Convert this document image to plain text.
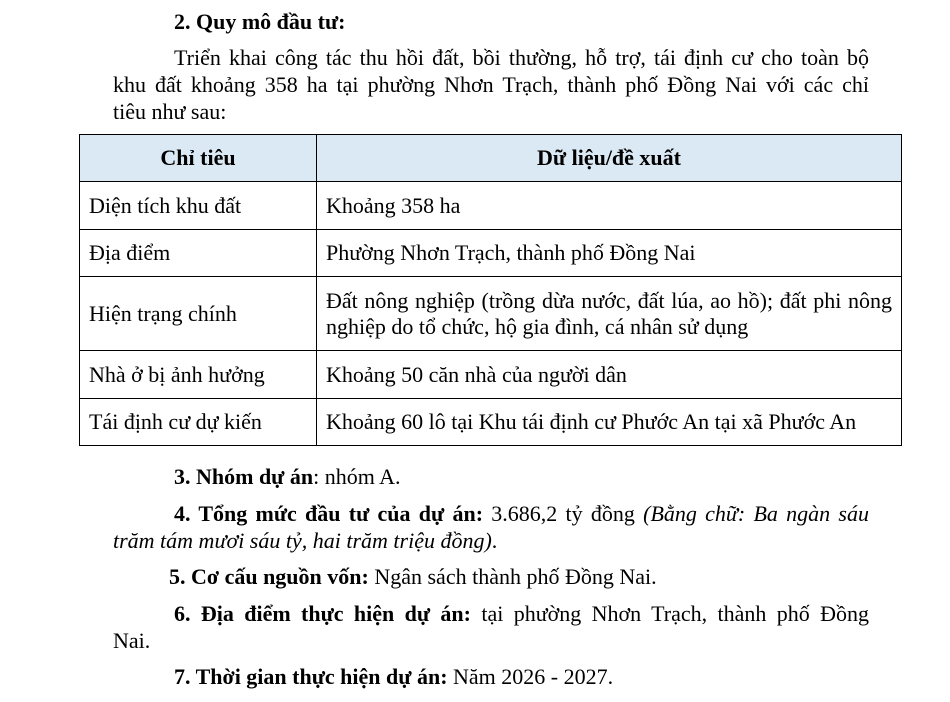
2. Quy mô đầu tư:
Triển khai công tác thu hồi đất, bồi thường, hỗ trợ, tái định cư cho toàn bộ
khu đất khoảng 358 ha tại phường Nhơn Trạch, thành phố Đồng Nai với các chỉ
tiêu như sau:
Chỉ tiêu	Dữ liệu/đề xuất
Diện tích khu đất	Khoảng 358 ha
Địa điểm	Phường Nhơn Trạch, thành phố Đồng Nai
Hiện trạng chính	Đất nông nghiệp (trồng dừa nước, đất lúa, ao hồ); đất phi nông nghiệp do tổ chức, hộ gia đình, cá nhân sử dụng
Nhà ở bị ảnh hưởng	Khoảng 50 căn nhà của người dân
Tái định cư dự kiến	Khoảng 60 lô tại Khu tái định cư Phước An tại xã Phước An
3. Nhóm dự án: nhóm A.
4. Tổng mức đầu tư của dự án: 3.686,2 tỷ đồng (Bằng chữ: Ba ngàn sáu
trăm tám mươi sáu tỷ, hai trăm triệu đồng).
5. Cơ cấu nguồn vốn: Ngân sách thành phố Đồng Nai.
6. Địa điểm thực hiện dự án: tại phường Nhơn Trạch, thành phố Đồng
Nai.
7. Thời gian thực hiện dự án: Năm 2026 - 2027.
